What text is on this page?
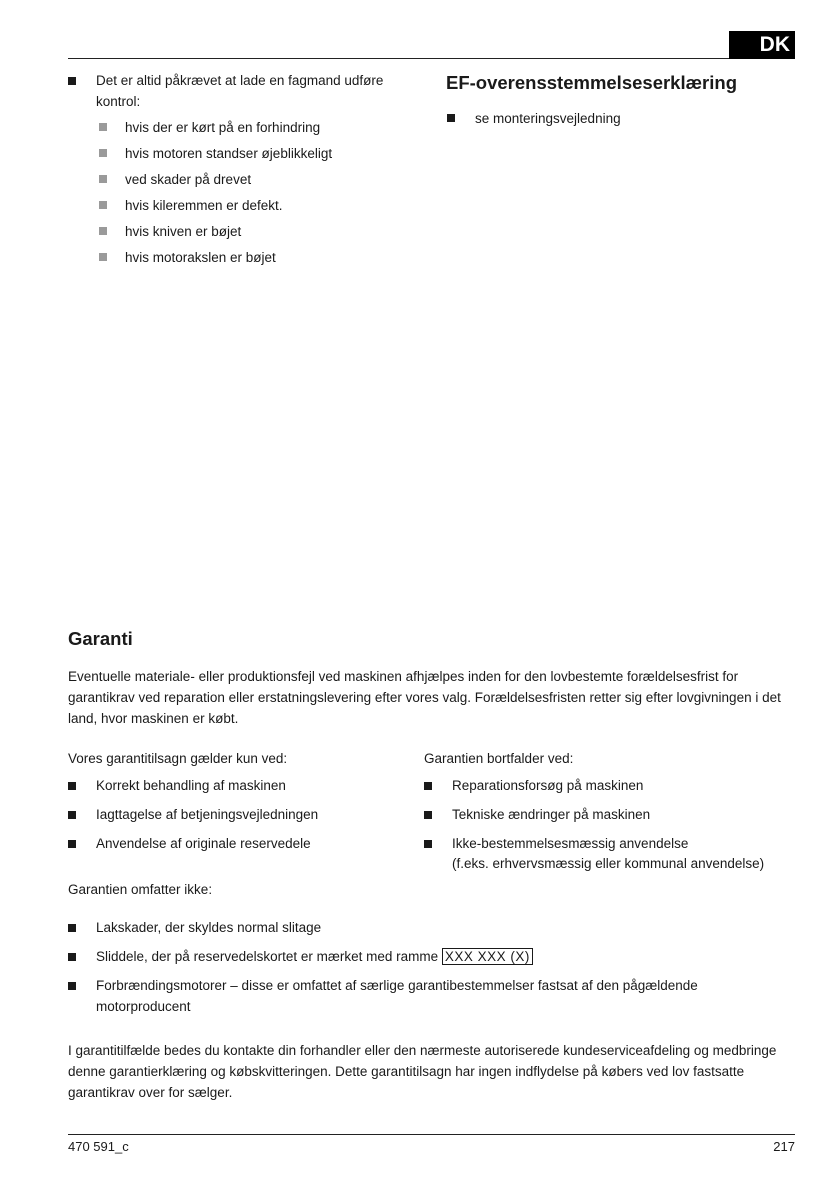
DK
Det er altid påkrævet at lade en fagmand udføre kontrol:
hvis der er kørt på en forhindring
hvis motoren standser øjeblikkeligt
ved skader på drevet
hvis kileremmen er defekt.
hvis kniven er bøjet
hvis motorakslen er bøjet
EF-overensstemmelseserklæring
se monteringsvejledning
Garanti
Eventuelle materiale- eller produktionsfejl ved maskinen afhjælpes inden for den lovbestemte forældelsesfrist for garantikrav ved reparation eller erstatningslevering efter vores valg. Forældelsesfristen retter sig efter lovgivningen i det land, hvor maskinen er købt.
Vores garantitilsagn gælder kun ved:
Korrekt behandling af maskinen
Iagttagelse af betjeningsvejledningen
Anvendelse af originale reservedele
Garantien bortfalder ved:
Reparationsforsøg på maskinen
Tekniske ændringer på maskinen
Ikke-bestemmelsesmæssig anvendelse
(f.eks. erhvervsmæssig eller kommunal anvendelse)
Garantien omfatter ikke:
Lakskader, der skyldes normal slitage
Sliddele, der på reservedelskortet er mærket med ramme XXX XXX (X)
Forbrændingsmotorer – disse er omfattet af særlige garantibestemmelser fastsat af den pågældende motorproducent
I garantitilfælde bedes du kontakte din forhandler eller den nærmeste autoriserede kundeserviceafdeling og medbringe denne garantierklæring og købskvitteringen. Dette garantitilsagn har ingen indflydelse på købers ved lov fastsatte garantikrav over for sælger.
470 591_c	217
